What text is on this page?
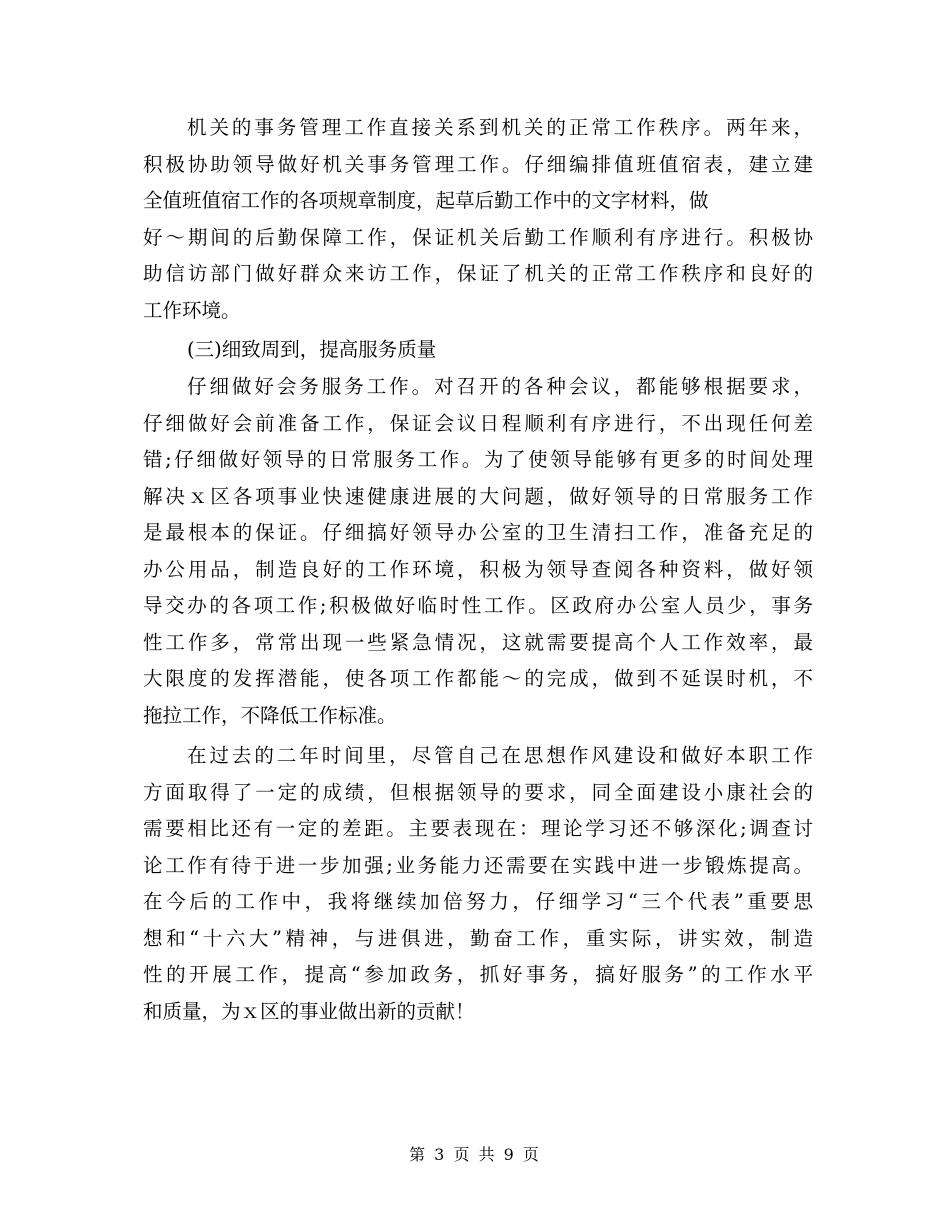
机关的事务管理工作直接关系到机关的正常工作秩序。两年来，
积极协助领导做好机关事务管理工作。仔细编排值班值宿表，建立建
全值班值宿工作的各项规章制度，起草后勤工作中的文字材料，做
好～期间的后勤保障工作，保证机关后勤工作顺利有序进行。积极协
助信访部门做好群众来访工作，保证了机关的正常工作秩序和良好的
工作环境。
(三)细致周到，提高服务质量
仔细做好会务服务工作。对召开的各种会议，都能够根据要求，
仔细做好会前准备工作，保证会议日程顺利有序进行，不出现任何差
错;仔细做好领导的日常服务工作。为了使领导能够有更多的时间处理
解决ｘ区各项事业快速健康进展的大问题，做好领导的日常服务工作
是最根本的保证。仔细搞好领导办公室的卫生清扫工作，准备充足的
办公用品，制造良好的工作环境，积极为领导查阅各种资料，做好领
导交办的各项工作;积极做好临时性工作。区政府办公室人员少，事务
性工作多，常常出现一些紧急情况，这就需要提高个人工作效率，最
大限度的发挥潜能，使各项工作都能～的完成，做到不延误时机，不
拖拉工作，不降低工作标准。
在过去的二年时间里，尽管自己在思想作风建设和做好本职工作
方面取得了一定的成绩，但根据领导的要求，同全面建设小康社会的
需要相比还有一定的差距。主要表现在：理论学习还不够深化;调查讨
论工作有待于进一步加强;业务能力还需要在实践中进一步锻炼提高。
在今后的工作中，我将继续加倍努力，仔细学习“三个代表”重要思
想和“十六大”精神，与进俱进，勤奋工作，重实际，讲实效，制造
性的开展工作，提高“参加政务，抓好事务，搞好服务”的工作水平
和质量，为ｘ区的事业做出新的贡献！
第 3 页 共 9 页
